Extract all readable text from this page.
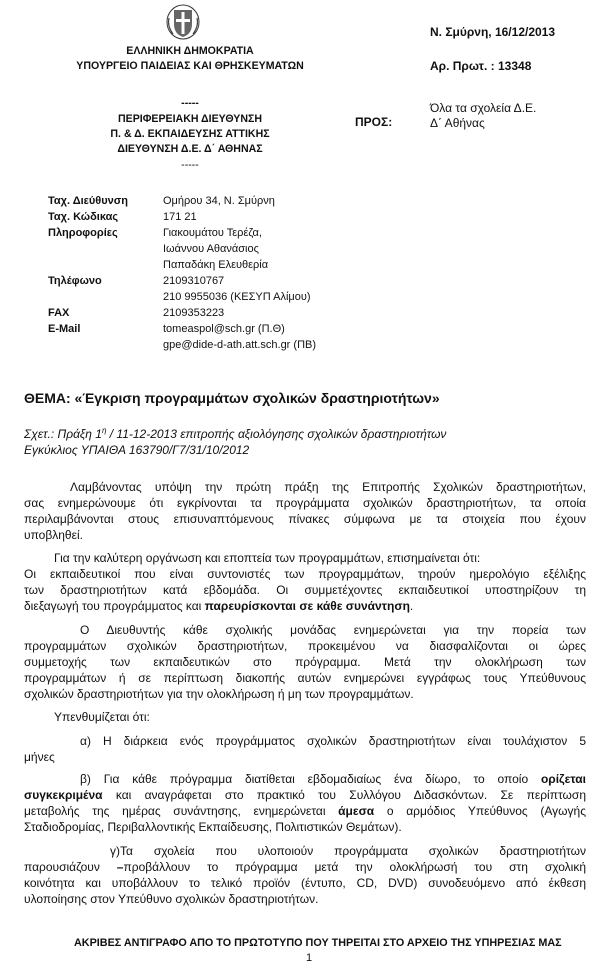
ΕΛΛΗΝΙΚΗ ΔΗΜΟΚΡΑΤΙΑ
ΥΠΟΥΡΓΕΙΟ ΠΑΙΔΕΙΑΣ ΚΑΙ ΘΡΗΣΚΕΥΜΑΤΩΝ
-----
ΠΕΡΙΦΕΡΕΙΑΚΗ ΔΙΕΥΘΥΝΣΗ
Π. & Δ. ΕΚΠΑΙΔΕΥΣΗΣ ΑΤΤΙΚΗΣ
ΔΙΕΥΘΥΝΣΗ Δ.Ε. Δ΄ ΑΘΗΝΑΣ
-----
Ν. Σμύρνη, 16/12/2013
Αρ. Πρωτ. : 13348
ΠΡΟΣ:
Όλα τα σχολεία Δ.Ε.
Δ΄ Αθήνας
Ταχ. Διεύθυνση	Ομήρου 34, Ν. Σμύρνη
Ταχ. Κώδικας	171 21
Πληροφορίες	Γιακουμάτου Τερέζα,
Ιωάννου Αθανάσιος
Παπαδάκη Ελευθερία
Τηλέφωνο	2109310767
210 9955036 (ΚΕΣΥΠ Αλίμου)
FAX	2109353223
E-Mail	tomeaspol@sch.gr (Π.Θ)
gpe@dide-d-ath.att.sch.gr (ΠΒ)
ΘΕΜΑ: «Έγκριση προγραμμάτων σχολικών δραστηριοτήτων»
Σχετ.: Πράξη $1^\eta / 11-12-2013$ επιτροπής αξιολόγησης σχολικών δραστηριοτήτων
Εγκύκλιος ΥΠΑΙΘΑ 163790/Γ7/31/10/2012
Λαμβάνοντας υπόψη την πρώτη πράξη της Επιτροπής Σχολικών δραστηριοτήτων,
σας ενημερώνουμε ότι εγκρίνονται τα προγράμματα σχολικών δραστηριοτήτων, τα οποία
περιλαμβάνονται στους επισυναπτόμενους πίνακες σύμφωνα με τα στοιχεία που έχουν
υποβληθεί.
Για την καλύτερη οργάνωση και εποπτεία των προγραμμάτων, επισημαίνεται ότι:
Οι εκπαιδευτικοί που είναι συντονιστές των προγραμμάτων, τηρούν ημερολόγιο εξέλιξης
των δραστηριοτήτων κατά εβδομάδα. Οι συμμετέχοντες εκπαιδευτικοί υποστηρίζουν τη
διεξαγωγή του προγράμματος και παρευρίσκονται σε κάθε συνάντηση.
Ο Διευθυντής κάθε σχολικής μονάδας ενημερώνεται για την πορεία των
προγραμμάτων σχολικών δραστηριοτήτων, προκειμένου να διασφαλίζονται οι ώρες
συμμετοχής των εκπαιδευτικών στο πρόγραμμα. Μετά την ολοκλήρωση των
προγραμμάτων ή σε περίπτωση διακοπής αυτών ενημερώνει εγγράφως τους Υπεύθυνους
σχολικών δραστηριοτήτων για την ολοκλήρωση ή μη των προγραμμάτων.
Υπενθυμίζεται ότι:
α) Η διάρκεια ενός προγράμματος σχολικών δραστηριοτήτων είναι τουλάχιστον 5
μήνες
β) Για κάθε πρόγραμμα διατίθεται εβδομαδιαίως ένα δίωρο, το οποίο ορίζεται
συγκεκριμένα και αναγράφεται στο πρακτικό του Συλλόγου Διδασκόντων. Σε περίπτωση
μεταβολής της ημέρας συνάντησης, ενημερώνεται άμεσα ο αρμόδιος Υπεύθυνος (Αγωγής
Σταδιοδρομίας, Περιβαλλοντικής Εκπαίδευσης, Πολιτιστικών Θεμάτων).
γ)Τα σχολεία που υλοποιούν προγράμματα σχολικών δραστηριοτήτων
παρουσιάζουν –προβάλλουν το πρόγραμμα μετά την ολοκλήρωσή του στη σχολική
κοινότητα και υποβάλλουν το τελικό προϊόν (έντυπο, CD, DVD) συνοδευόμενο από έκθεση
υλοποίησης στον Υπεύθυνο σχολικών δραστηριοτήτων.
ΑΚΡΙΒΕΣ ΑΝΤΙΓΡΑΦΟ ΑΠΟ ΤΟ ΠΡΩΤΟΤΥΠΟ ΠΟΥ ΤΗΡΕΙΤΑΙ ΣΤΟ ΑΡΧΕΙΟ ΤΗΣ ΥΠΗΡΕΣΙΑΣ ΜΑΣ
1
